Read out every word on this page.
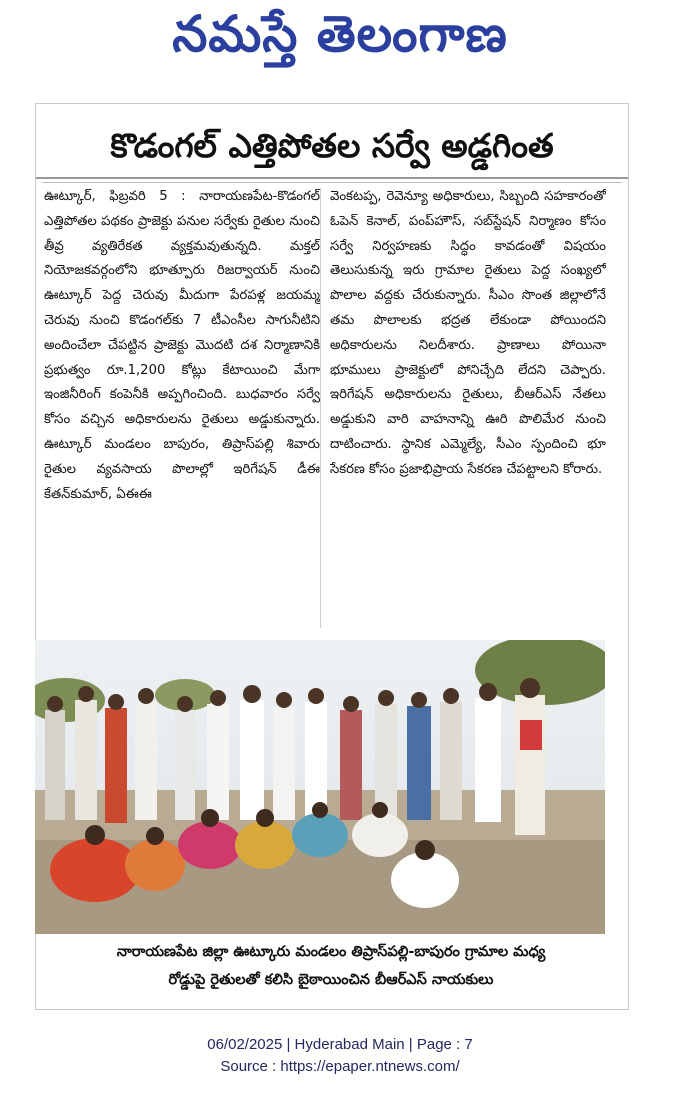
నమస్తే తెలంగాణ
కొడంగల్ ఎత్తిపోతల సర్వే అడ్డగింత
ఊట్కూర్, ఫిబ్రవరి 5 : నారాయణపేట-కొడంగల్ ఎత్తిపోతల పథకం ప్రాజెక్టు పనుల సర్వేకు రైతుల నుంచి తీవ్ర వ్యతిరేకత వ్యక్తమవుతున్నది. మక్తల్ నియోజకవర్గంలోని భూత్పూరు రిజర్వాయర్ నుంచి ఊట్కూర్ పెద్ద చెరువు మీదుగా పేరపళ్ల జయమ్మ చెరువు నుంచి కొడంగల్‌కు 7 టీఎంసీల సాగునీటిని అందించేలా చేపట్టిన ప్రాజెక్టు మొదటి దశ నిర్మాణానికి ప్రభుత్వం రూ.1,200 కోట్లు కేటాయించి మేగా ఇంజినీరింగ్ కంపెనీకి అప్పగించింది. బుధవారం సర్వే కోసం వచ్చిన అధికారులను రైతులు అడ్డుకున్నారు. ఊట్కూర్ మండలం బాపురం, తిప్రాస్‌పల్లి శివారు రైతుల వ్యవసాయ పొలాల్లో ఇరిగేషన్ డీఈ కేతన్‌కుమార్, ఏఈఈ
వెంకటప్ప, రెవెన్యూ అధికారులు, సిబ్బంది సహకారంతో ఓపెన్ కెనాల్, పంప్‌హౌస్, సబ్‌స్టేషన్ నిర్మాణం కోసం సర్వే నిర్వహణకు సిద్ధం కావడంతో విషయం తెలుసుకున్న ఇరు గ్రామాల రైతులు పెద్ద సంఖ్యలో పొలాల వద్దకు చేరుకున్నారు. సీఎం సొంత జిల్లాలోనే తమ పొలాలకు భద్రత లేకుండా పోయిందని అధికారులను నిలదీశారు. ప్రాణాలు పోయినా భూములు ప్రాజెక్టులో పోనిచ్చేది లేదని చెప్పారు. ఇరిగేషన్ అధికారులను రైతులు, బీఆర్ఎస్ నేతలు అడ్డుకుని వారి వాహనాన్ని ఊరి పొలిమేర నుంచి దాటించారు. స్థానిక ఎమ్మెల్యే, సీఎం స్పందించి భూ సేకరణ కోసం ప్రజాభిప్రాయ సేకరణ చేపట్టాలని కోరారు.
నారాయణపేట జిల్లా ఊట్కూరు మండలం తిప్రాస్‌పల్లి-బాపురం గ్రామాల మధ్య
రోడ్డుపై రైతులతో కలిసి బైఠాయించిన బీఆర్ఎస్ నాయకులు
06/02/2025 | Hyderabad Main | Page : 7
Source : https://epaper.ntnews.com/
